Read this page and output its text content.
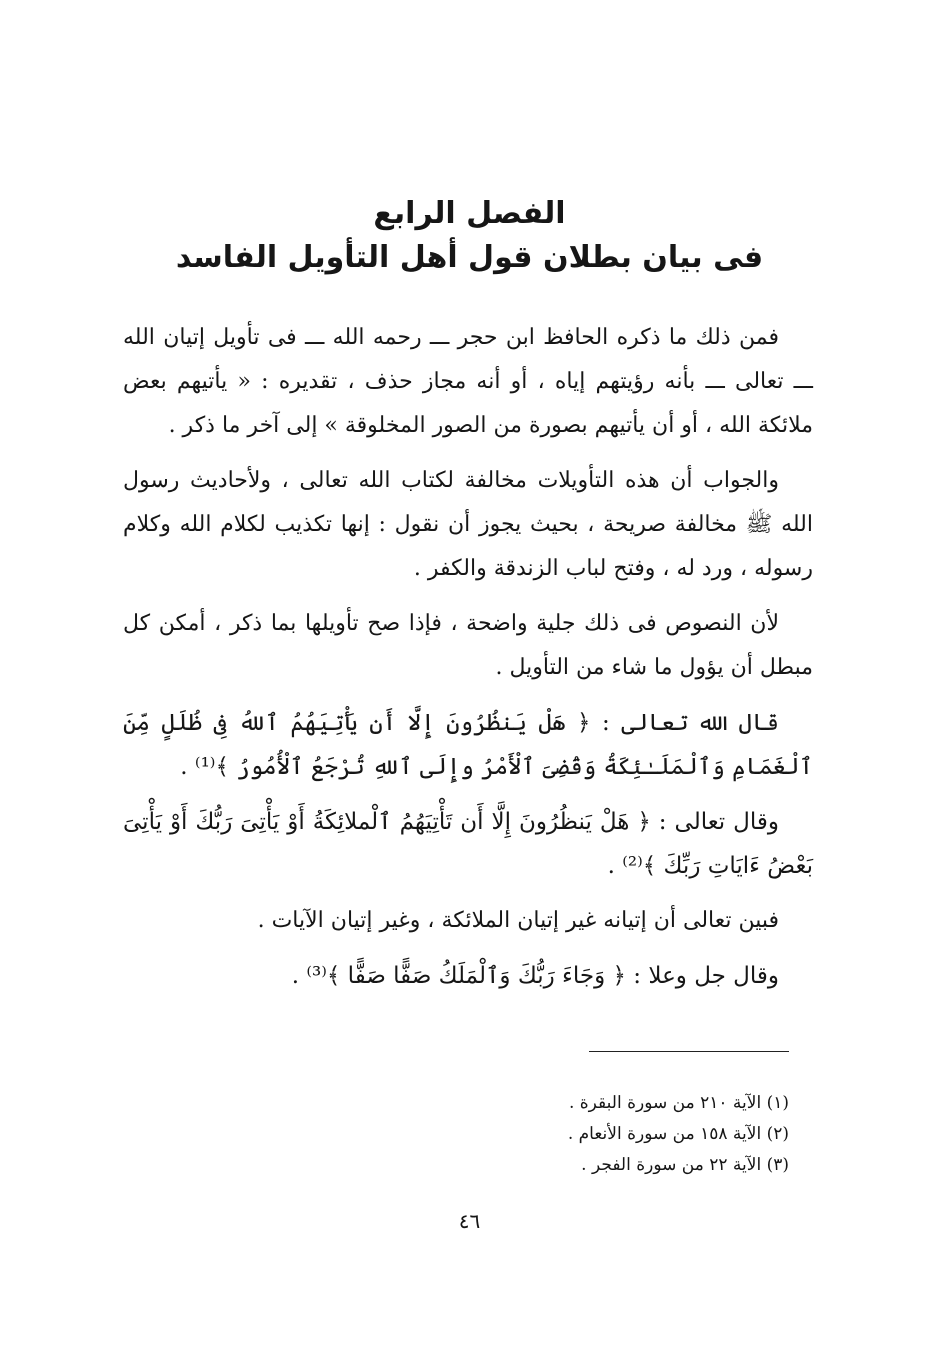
الفصل الرابع
فى بيان بطلان قول أهل التأويل الفاسد

فمن ذلك ما ذكره الحافظ ابن حجر ـــ رحمه الله ـــ فى تأويل إتيان الله ـــ تعالى ـــ بأنه رؤيتهم إياه ، أو أنه مجاز حذف ، تقديره : « يأتيهم بعض ملائكة الله ، أو أن يأتيهم بصورة من الصور المخلوقة » إلى آخر ما ذكر .

والجواب أن هذه التأويلات مخالفة لكتاب الله تعالى ، ولأحاديث رسول الله ﷺ مخالفة صريحة ، بحيث يجوز أن نقول : إنها تكذيب لكلام الله وكلام رسوله ، ورد له ، وفتح لباب الزندقة والكفر .

لأن النصوص فى ذلك جلية واضحة ، فإذا صح تأويلها بما ذكر ، أمكن كل مبطل أن يؤول ما شاء من التأويل .

قال الله تعالى : ﴿ هَلْ يَنظُرُونَ إِلَّا أَن يَأْتِيَهُمُ ٱللهُ فِى ظُلَلٍ مِّنَ ٱلْغَمَامِ وَٱلْمَلَـٰئِكَةُ وَقُضِىَ ٱلْأَمْرُ وإِلَى ٱللهِ تُرْجَعُ ٱلْأُمُورُ ﴾⁽¹⁾ .

وقال تعالى : ﴿ هَلْ يَنظُرُونَ إِلَّا أَن تَأْتِيَهُمُ ٱلْملائِكَةُ أَوْ يَأْتِىَ رَبُّكَ أَوْ يَأْتِىَ بَعْضُ ءَايَاتِ رَبِّكَ ﴾⁽²⁾ .

فبين تعالى أن إتيانه غير إتيان الملائكة ، وغير إتيان الآيات .

وقال جل وعلا : ﴿ وَجَاءَ رَبُّكَ وَٱلْمَلَكُ صَفًّا صَفًّا ﴾⁽³⁾ .

(١) الآية ٢١٠ من سورة البقرة .

(٢) الآية ١٥٨ من سورة الأنعام .

(٣) الآية ٢٢ من سورة الفجر .

٤٦
